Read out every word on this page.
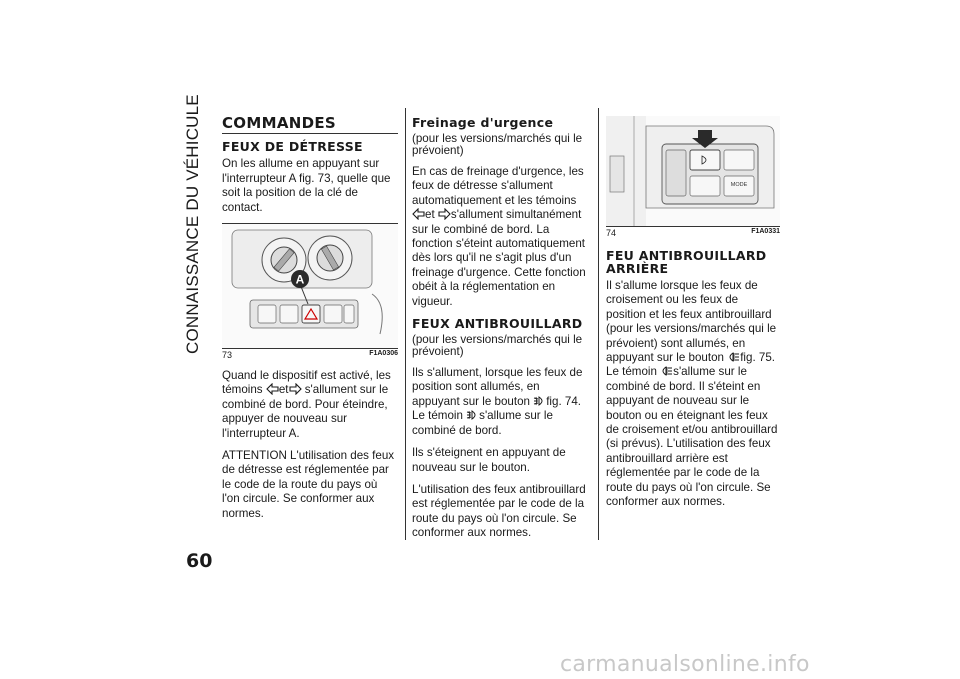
CONNAISSANCE DU VÉHICULE
60
COMMANDES
FEUX DE DÉTRESSE

On les allume en appuyant sur l'interrupteur A fig. 73, quelle que soit la position de la clé de contact.

A
73	F1A0306

Quand le dispositif est activé, les témoins et s'allument sur le combiné de bord. Pour éteindre, appuyer de nouveau sur l'interrupteur A.

ATTENTION L'utilisation des feux de détresse est réglementée par le code de la route du pays où l'on circule. Se conformer aux normes.

Freinage d'urgence

(pour les versions/marchés qui le prévoient)

En cas de freinage d'urgence, les feux de détresse s'allument automatiquement et les témoins et s'allument simultanément sur le combiné de bord. La fonction s'éteint automatiquement dès lors qu'il ne s'agit plus d'un freinage d'urgence. Cette fonction obéit à la réglementation en vigueur.

FEUX ANTIBROUILLARD

(pour les versions/marchés qui le prévoient)

Ils s'allument, lorsque les feux de position sont allumés, en appuyant sur le bouton fig. 74. Le témoin s'allume sur le combiné de bord.

Ils s'éteignent en appuyant de nouveau sur le bouton.

L'utilisation des feux antibrouillard est réglementée par le code de la route du pays où l'on circule. Se conformer aux normes.

MODE
74	F1A0331
FEU ANTIBROUILLARD ARRIÈRE

Il s'allume lorsque les feux de croisement ou les feux de position et les feux antibrouillard (pour les versions/marchés qui le prévoient) sont allumés, en appuyant sur le bouton fig. 75. Le témoin s'allume sur le combiné de bord. Il s'éteint en appuyant de nouveau sur le bouton ou en éteignant les feux de croisement et/ou antibrouillard (si prévus). L'utilisation des feux antibrouillard arrière est réglementée par le code de la route du pays où l'on circule. Se conformer aux normes.

carmanualsonline.info
